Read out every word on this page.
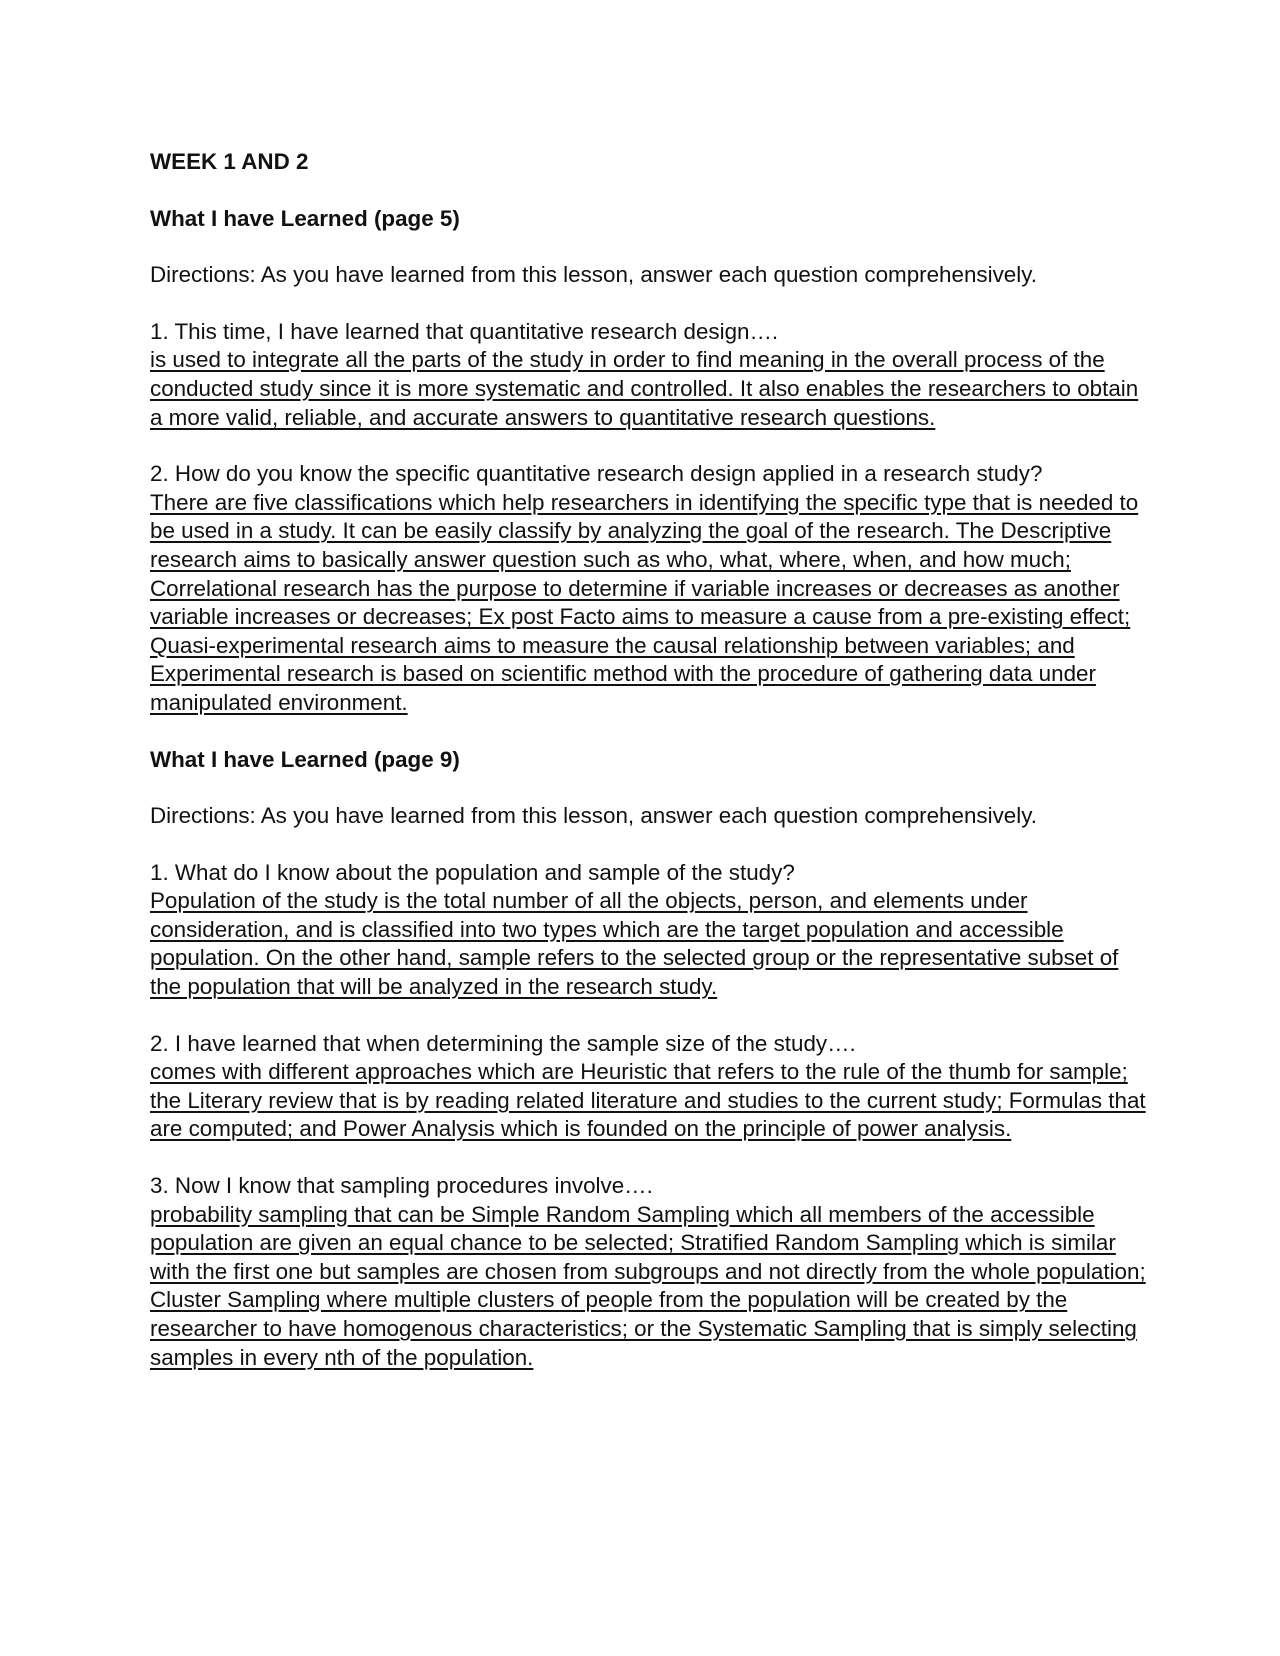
WEEK 1 AND 2

What I have Learned (page 5)

Directions: As you have learned from this lesson, answer each question comprehensively.

1. This time, I have learned that quantitative research design….

is used to integrate all the parts of the study in order to find meaning in the overall process of the conducted study since it is more systematic and controlled. It also enables the researchers to obtain a more valid, reliable, and accurate answers to quantitative research questions.

2. How do you know the specific quantitative research design applied in a research study?

There are five classifications which help researchers in identifying the specific type that is needed to be used in a study. It can be easily classify by analyzing the goal of the research. The Descriptive research aims to basically answer question such as who, what, where, when, and how much; Correlational research has the purpose to determine if variable increases or decreases as another variable increases or decreases; Ex post Facto aims to measure a cause from a pre-existing effect; Quasi-experimental research aims to measure the causal relationship between variables; and Experimental research is based on scientific method with the procedure of gathering data under manipulated environment.

What I have Learned (page 9)

Directions: As you have learned from this lesson, answer each question comprehensively.

1. What do I know about the population and sample of the study?

Population of the study is the total number of all the objects, person, and elements under consideration, and is classified into two types which are the target population and accessible population. On the other hand, sample refers to the selected group or the representative subset of the population that will be analyzed in the research study.

2. I have learned that when determining the sample size of the study….

comes with different approaches which are Heuristic that refers to the rule of the thumb for sample; the Literary review that is by reading related literature and studies to the current study; Formulas that are computed; and Power Analysis which is founded on the principle of power analysis.

3. Now I know that sampling procedures involve….

probability sampling that can be Simple Random Sampling which all members of the accessible population are given an equal chance to be selected; Stratified Random Sampling which is similar with the first one but samples are chosen from subgroups and not directly from the whole population; Cluster Sampling where multiple clusters of people from the population will be created by the researcher to have homogenous characteristics; or the Systematic Sampling that is simply selecting samples in every nth of the population.
